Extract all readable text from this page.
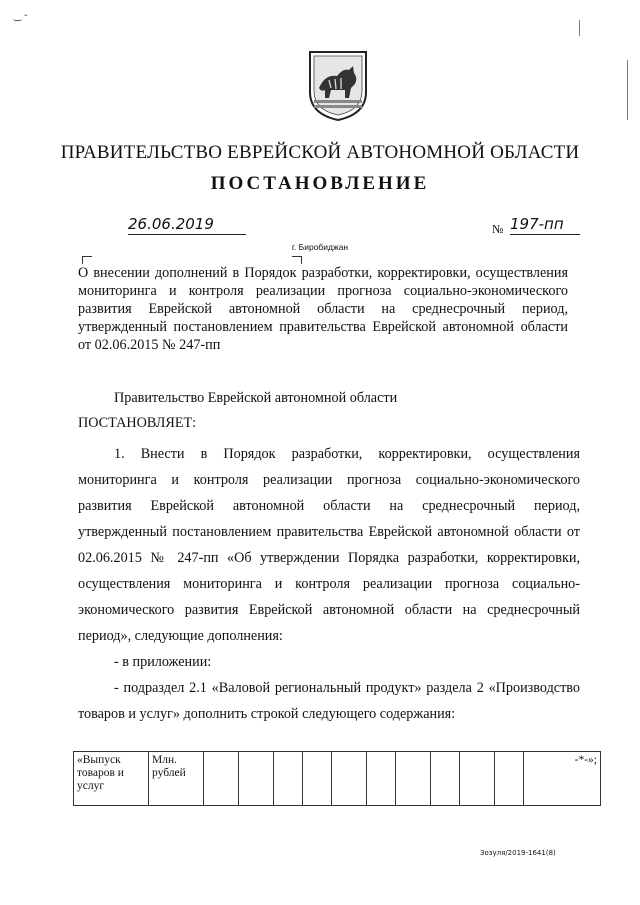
‿ ᵕ
ПРАВИТЕЛЬСТВО ЕВРЕЙСКОЙ АВТОНОМНОЙ ОБЛАСТИ
ПОСТАНОВЛЕНИЕ
26.06.2019	№ 197-пп
г. Биробиджан
О внесении дополнений в Порядок разработки, корректировки, осуществления мониторинга и контроля реализации прогноза социально-экономического развития Еврейской автономной области на среднесрочный период, утвержденный постановлением правительства Еврейской автономной области от 02.06.2015 № 247-пп
Правительство Еврейской автономной области
ПОСТАНОВЛЯЕТ:

1. Внести в Порядок разработки, корректировки, осуществления мониторинга и контроля реализации прогноза социально-экономического развития Еврейской автономной области на среднесрочный период, утвержденный постановлением правительства Еврейской автономной области от 02.06.2015 № 247-пп «Об утверждении Порядка разработки, корректировки, осуществления мониторинга и контроля реализации прогноза социально-экономического развития Еврейской автономной области на среднесрочный период», следующие дополнения:

- в приложении:

- подраздел 2.1 «Валовой региональный продукт» раздела 2 «Производство товаров и услуг» дополнить строкой следующего содержания:

«Выпуск товаров и услуг	Млн. рублей											-*-»;
Зозуля/2019-1641(8)
